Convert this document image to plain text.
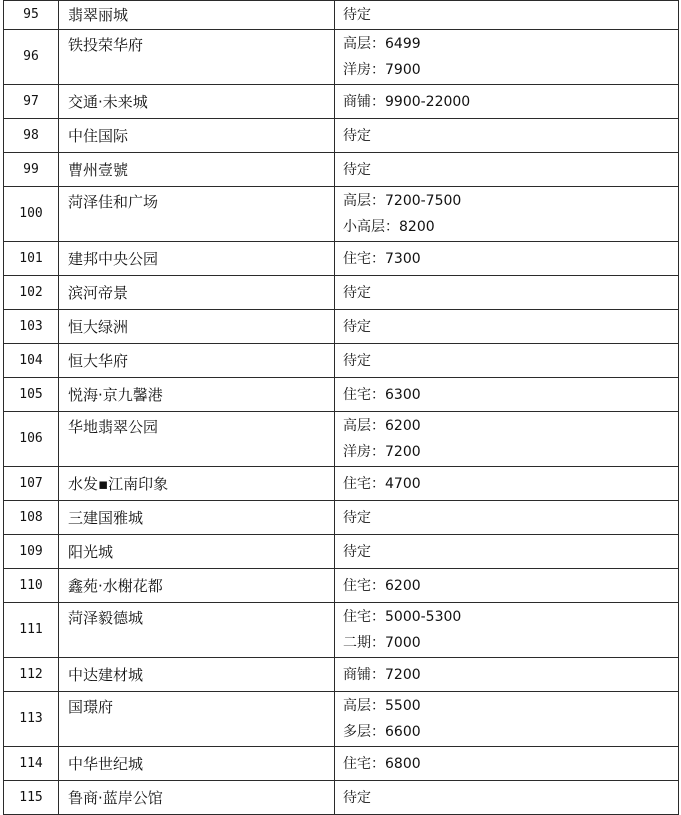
95	翡翠丽城	待定

96	铁投荣华府	高层：6499
洋房：7900

97	交通·未来城	商铺：9900-22000

98	中住国际	待定

99	曹州壹號	待定

100	菏泽佳和广场	高层：7200-7500
小高层：8200

101	建邦中央公园	住宅：7300

102	滨河帝景	待定

103	恒大绿洲	待定

104	恒大华府	待定

105	悦海·京九馨港	住宅：6300

106	华地翡翠公园	高层：6200
洋房：7200

107	水发▪江南印象	住宅：4700

108	三建国雅城	待定

109	阳光城	待定

110	鑫苑·水榭花都	住宅：6200

111	菏泽毅德城	住宅：5000-5300
二期：7000

112	中达建材城	商铺：7200

113	国璟府	高层：5500
多层：6600

114	中华世纪城	住宅：6800

115	鲁商·蓝岸公馆	待定
